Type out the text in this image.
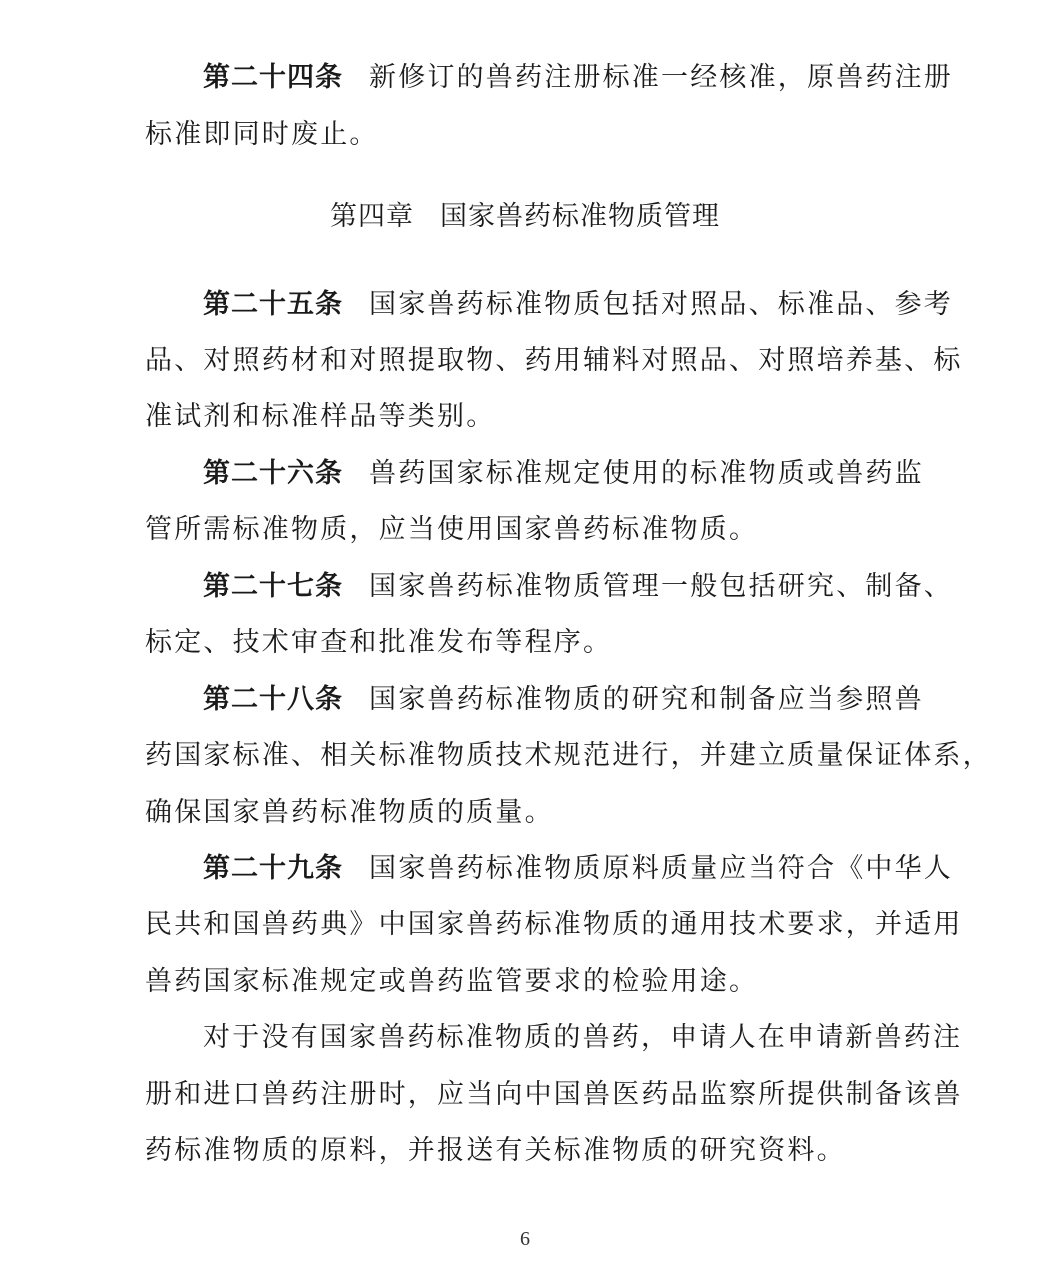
第二十四条 新修订的兽药注册标准一经核准，原兽药注册
标准即同时废止。
第四章 国家兽药标准物质管理
第二十五条 国家兽药标准物质包括对照品、标准品、参考
品、对照药材和对照提取物、药用辅料对照品、对照培养基、标
准试剂和标准样品等类别。
第二十六条 兽药国家标准规定使用的标准物质或兽药监
管所需标准物质，应当使用国家兽药标准物质。
第二十七条 国家兽药标准物质管理一般包括研究、制备、
标定、技术审查和批准发布等程序。
第二十八条 国家兽药标准物质的研究和制备应当参照兽
药国家标准、相关标准物质技术规范进行，并建立质量保证体系，
确保国家兽药标准物质的质量。
第二十九条 国家兽药标准物质原料质量应当符合《中华人
民共和国兽药典》中国家兽药标准物质的通用技术要求，并适用
兽药国家标准规定或兽药监管要求的检验用途。
对于没有国家兽药标准物质的兽药，申请人在申请新兽药注
册和进口兽药注册时，应当向中国兽医药品监察所提供制备该兽
药标准物质的原料，并报送有关标准物质的研究资料。
6
